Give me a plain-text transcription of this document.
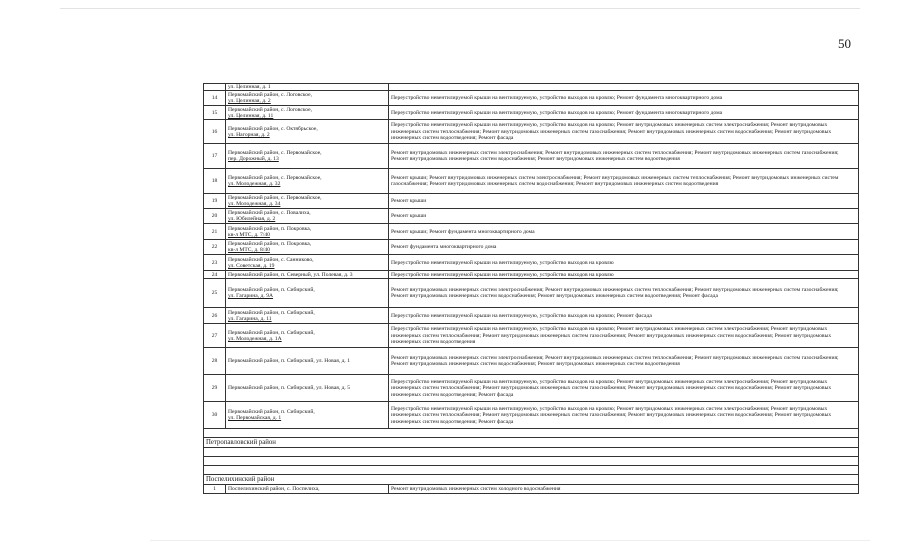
50

	ул. Целинная, д. 1	

14	Первомайский район, с. Логовское,
ул. Целинная, д. 2	Переустройство невентилируемой крыши на вентилируемую, устройство выходов на кровлю; Ремонт фундамента многоквартирного дома
15	Первомайский район, с. Логовское,
ул. Целинная, д. 11	Переустройство невентилируемой крыши на вентилируемую, устройство выходов на кровлю; Ремонт фундамента многоквартирного дома
16	Первомайский район, с. Октябрьское,
ул. Нагорная, д. 2	Переустройство невентилируемой крыши на вентилируемую, устройство выходов на кровлю; Ремонт внутридомовых инженерных систем электроснабжения; Ремонт внутридомовых инженерных систем теплоснабжения; Ремонт внутридомовых инженерных систем газоснабжения; Ремонт внутридомовых инженерных систем водоснабжения; Ремонт внутридомовых инженерных систем водоотведения; Ремонт фасада
17	Первомайский район, с. Первомайское,
пер. Дорожный, д. 13	Ремонт внутридомовых инженерных систем электроснабжения; Ремонт внутридомовых инженерных систем теплоснабжения; Ремонт внутридомовых инженерных систем газоснабжения; Ремонт внутридомовых инженерных систем водоснабжения; Ремонт внутридомовых инженерных систем водоотведения
18	Первомайский район, с. Первомайское,
ул. Молодежная, д. 32	Ремонт крыши; Ремонт внутридомовых инженерных систем электроснабжения; Ремонт внутридомовых инженерных систем теплоснабжения; Ремонт внутридомовых инженерных систем газоснабжения; Ремонт внутридомовых инженерных систем водоснабжения; Ремонт внутридомовых инженерных систем водоотведения
19	Первомайский район, с. Первомайское,
ул. Молодежная, д. 34	Ремонт крыши
20	Первомайский район, с. Повалиха,
ул. Юбилейная, д. 2	Ремонт крыши
21	Первомайский район, п. Покровка,
кв-л МТС, д. 7/40	Ремонт крыши; Ремонт фундамента многоквартирного дома
22	Первомайский район, п. Покровка,
кв-л МТС, д. 8/40	Ремонт фундамента многоквартирного дома
23	Первомайский район, с. Санниково,
ул. Советская, д. 19	Переустройство невентилируемой крыши на вентилируемую, устройство выходов на кровлю
24	Первомайский район, п. Северный, ул. Полевая, д. 3	Переустройство невентилируемой крыши на вентилируемую, устройство выходов на кровлю
25	Первомайский район, п. Сибирский,
ул. Гагарина, д. 9А	Ремонт внутридомовых инженерных систем электроснабжения; Ремонт внутридомовых инженерных систем теплоснабжения; Ремонт внутридомовых инженерных систем газоснабжения; Ремонт внутридомовых инженерных систем водоснабжения; Ремонт внутридомовых инженерных систем водоотведения; Ремонт фасада
26	Первомайский район, п. Сибирский,
ул. Гагарина, д. 11	Переустройство невентилируемой крыши на вентилируемую, устройство выходов на кровлю; Ремонт фасада
27	Первомайский район, п. Сибирский,
ул. Молодежная, д. 1А	Переустройство невентилируемой крыши на вентилируемую, устройство выходов на кровлю; Ремонт внутридомовых инженерных систем электроснабжения; Ремонт внутридомовых инженерных систем теплоснабжения; Ремонт внутридомовых инженерных систем газоснабжения; Ремонт внутридомовых инженерных систем водоснабжения; Ремонт внутридомовых инженерных систем водоотведения
28	Первомайский район, п. Сибирский, ул. Новая, д. 1	Ремонт внутридомовых инженерных систем электроснабжения; Ремонт внутридомовых инженерных систем теплоснабжения; Ремонт внутридомовых инженерных систем газоснабжения; Ремонт внутридомовых инженерных систем водоснабжения; Ремонт внутридомовых инженерных систем водоотведения
29	Первомайский район, п. Сибирский, ул. Новая, д. 5	Переустройство невентилируемой крыши на вентилируемую, устройство выходов на кровлю; Ремонт внутридомовых инженерных систем электроснабжения; Ремонт внутридомовых инженерных систем теплоснабжения; Ремонт внутридомовых инженерных систем газоснабжения; Ремонт внутридомовых инженерных систем водоснабжения; Ремонт внутридомовых инженерных систем водоотведения; Ремонт фасада
30	Первомайский район, п. Сибирский,
ул. Первомайская, д. 1	Переустройство невентилируемой крыши на вентилируемую, устройство выходов на кровлю; Ремонт внутридомовых инженерных систем электроснабжения; Ремонт внутридомовых инженерных систем теплоснабжения; Ремонт внутридомовых инженерных систем газоснабжения; Ремонт внутридомовых инженерных систем водоснабжения; Ремонт внутридомовых инженерных систем водоотведения; Ремонт фасада

Петропавловский район		

Поспелихинский район		
1	Поспелихинский район, с. Поспелиха,	Ремонт внутридомовых инженерных систем холодного водоснабжения
